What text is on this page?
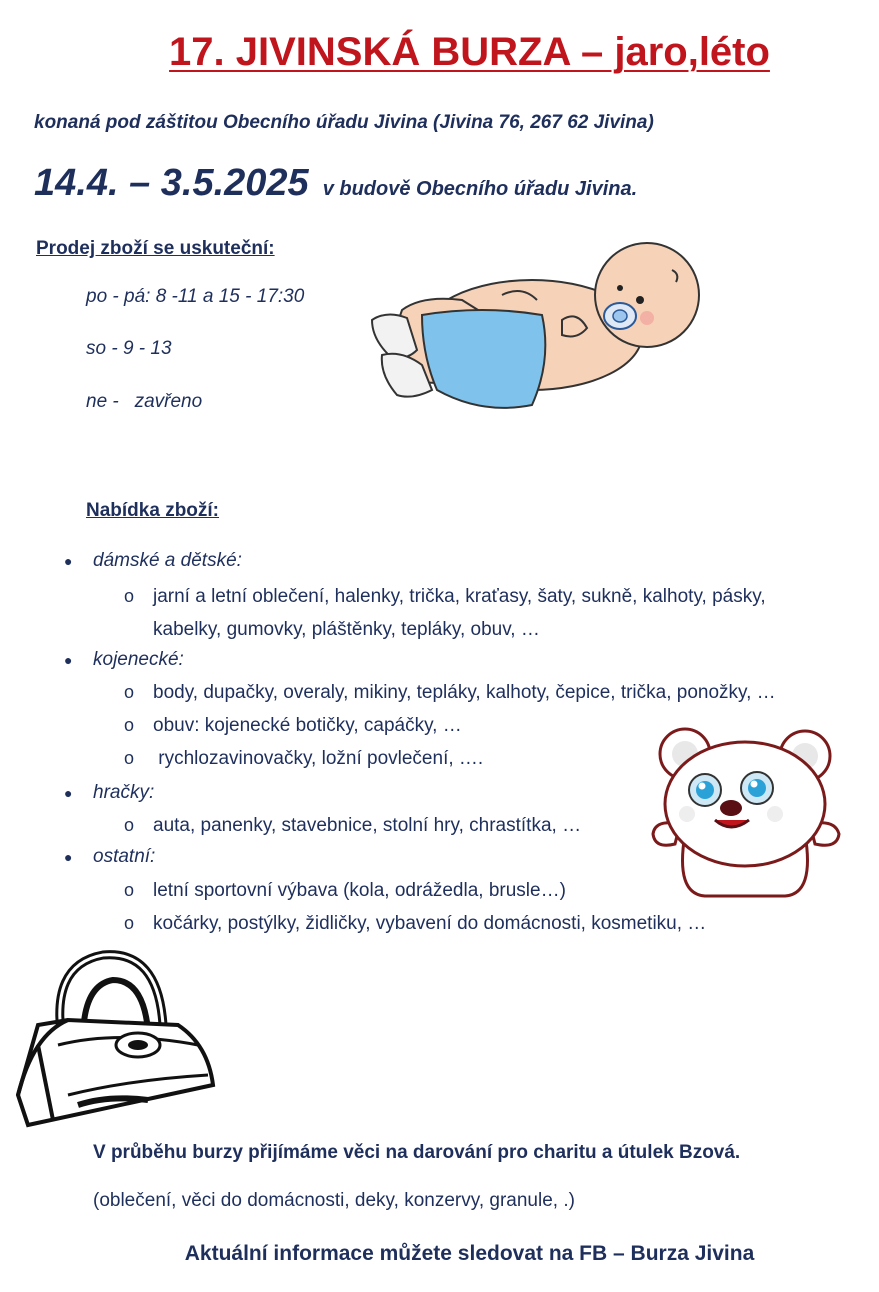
17. JIVINSKÁ BURZA – jaro,léto
konaná pod záštitou Obecního úřadu Jivina (Jivina 76, 267 62 Jivina)
14.4. – 3.5.2025 v budově Obecního úřadu Jivina.
Prodej zboží se uskuteční:
po - pá: 8 -11 a 15 - 17:30
so - 9 - 13
ne -   zavřeno
Nabídka zboží:
● dámské a dětské:
o jarní a letní oblečení, halenky, trička, kraťasy, šaty, sukně, kalhoty, pásky,
kabelky, gumovky, pláštěnky, tepláky, obuv, …
● kojenecké:
o body, dupačky, overaly, mikiny, tepláky, kalhoty, čepice, trička, ponožky, …
o obuv: kojenecké botičky, capáčky, …
o rychlozavinovačky, ložní povlečení, ….
● hračky:
o auta, panenky, stavebnice, stolní hry, chrastítka, …
● ostatní:
o letní sportovní výbava (kola, odrážedla, brusle…)
o kočárky, postýlky, židličky, vybavení do domácnosti, kosmetiku, …
V průběhu burzy přijímáme věci na darování pro charitu a útulek Bzová.
(oblečení, věci do domácnosti, deky, konzervy, granule, .)
Aktuální informace můžete sledovat na FB – Burza Jivina
